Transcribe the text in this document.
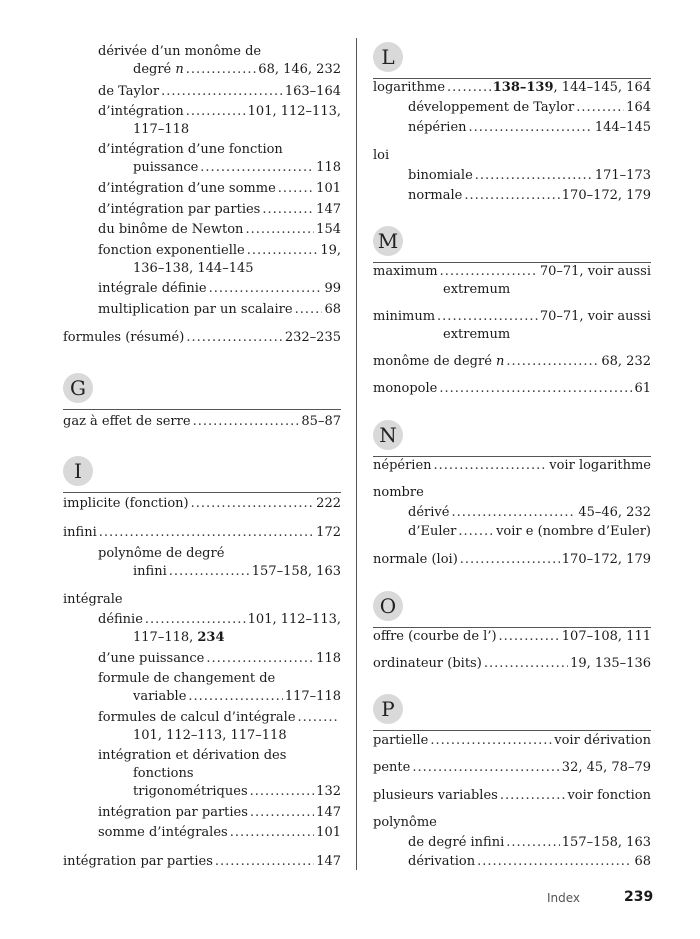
dérivée d’un monôme de
degré n .....	68, 146, 232
de Taylor .....	163–164
d’intégration .....	101, 112–113,
117–118
d’intégration d’une fonction
puissance .....	118
d’intégration d’une somme .....	101
d’intégration par parties .....	147
du binôme de Newton .....	154
fonction exponentielle .....	19,
136–138, 144–145
intégrale définie .....	99
multiplication par un scalaire ..... 68
formules (résumé) .....	232–235
G
gaz à effet de serre .....	85–87
I
implicite (fonction) .....	222
infini .....	172
polynôme de degré
infini .....	157–158, 163
intégrale
définie .....	101, 112–113,
117–118, 234
d’une puissance .....	118
formule de changement de
variable .....	117–118
formules de calcul d’intégrale
.....
101, 112–113, 117–118
intégration et dérivation des
fonctions
trigonométriques .....	132
intégration par parties .....	147
somme d’intégrales .....	101
intégration par parties .....	147
L
logarithme .....	138–139, 144–145, 164
développement de Taylor .....	164
népérien .....	144–145
loi
binomiale .....	171–173
normale .....	170–172, 179
M
maximum .....	70–71, voir aussi
extremum
minimum .....	70–71, voir aussi
extremum
monôme de degré n .....	68, 232
monopole .....	61
N
népérien .....	voir logarithme
nombre
dérivé .....	45–46, 232
d’Euler .....	voir e (nombre d’Euler)
normale (loi) .....	170–172, 179
O
offre (courbe de l’) .....	107–108, 111
ordinateur (bits) .....	19, 135–136
P
partielle .....	voir dérivation
pente .....	32, 45, 78–79
plusieurs variables .....	voir fonction
polynôme
de degré infini .....	157–158, 163
dérivation .....	68
Index	239
